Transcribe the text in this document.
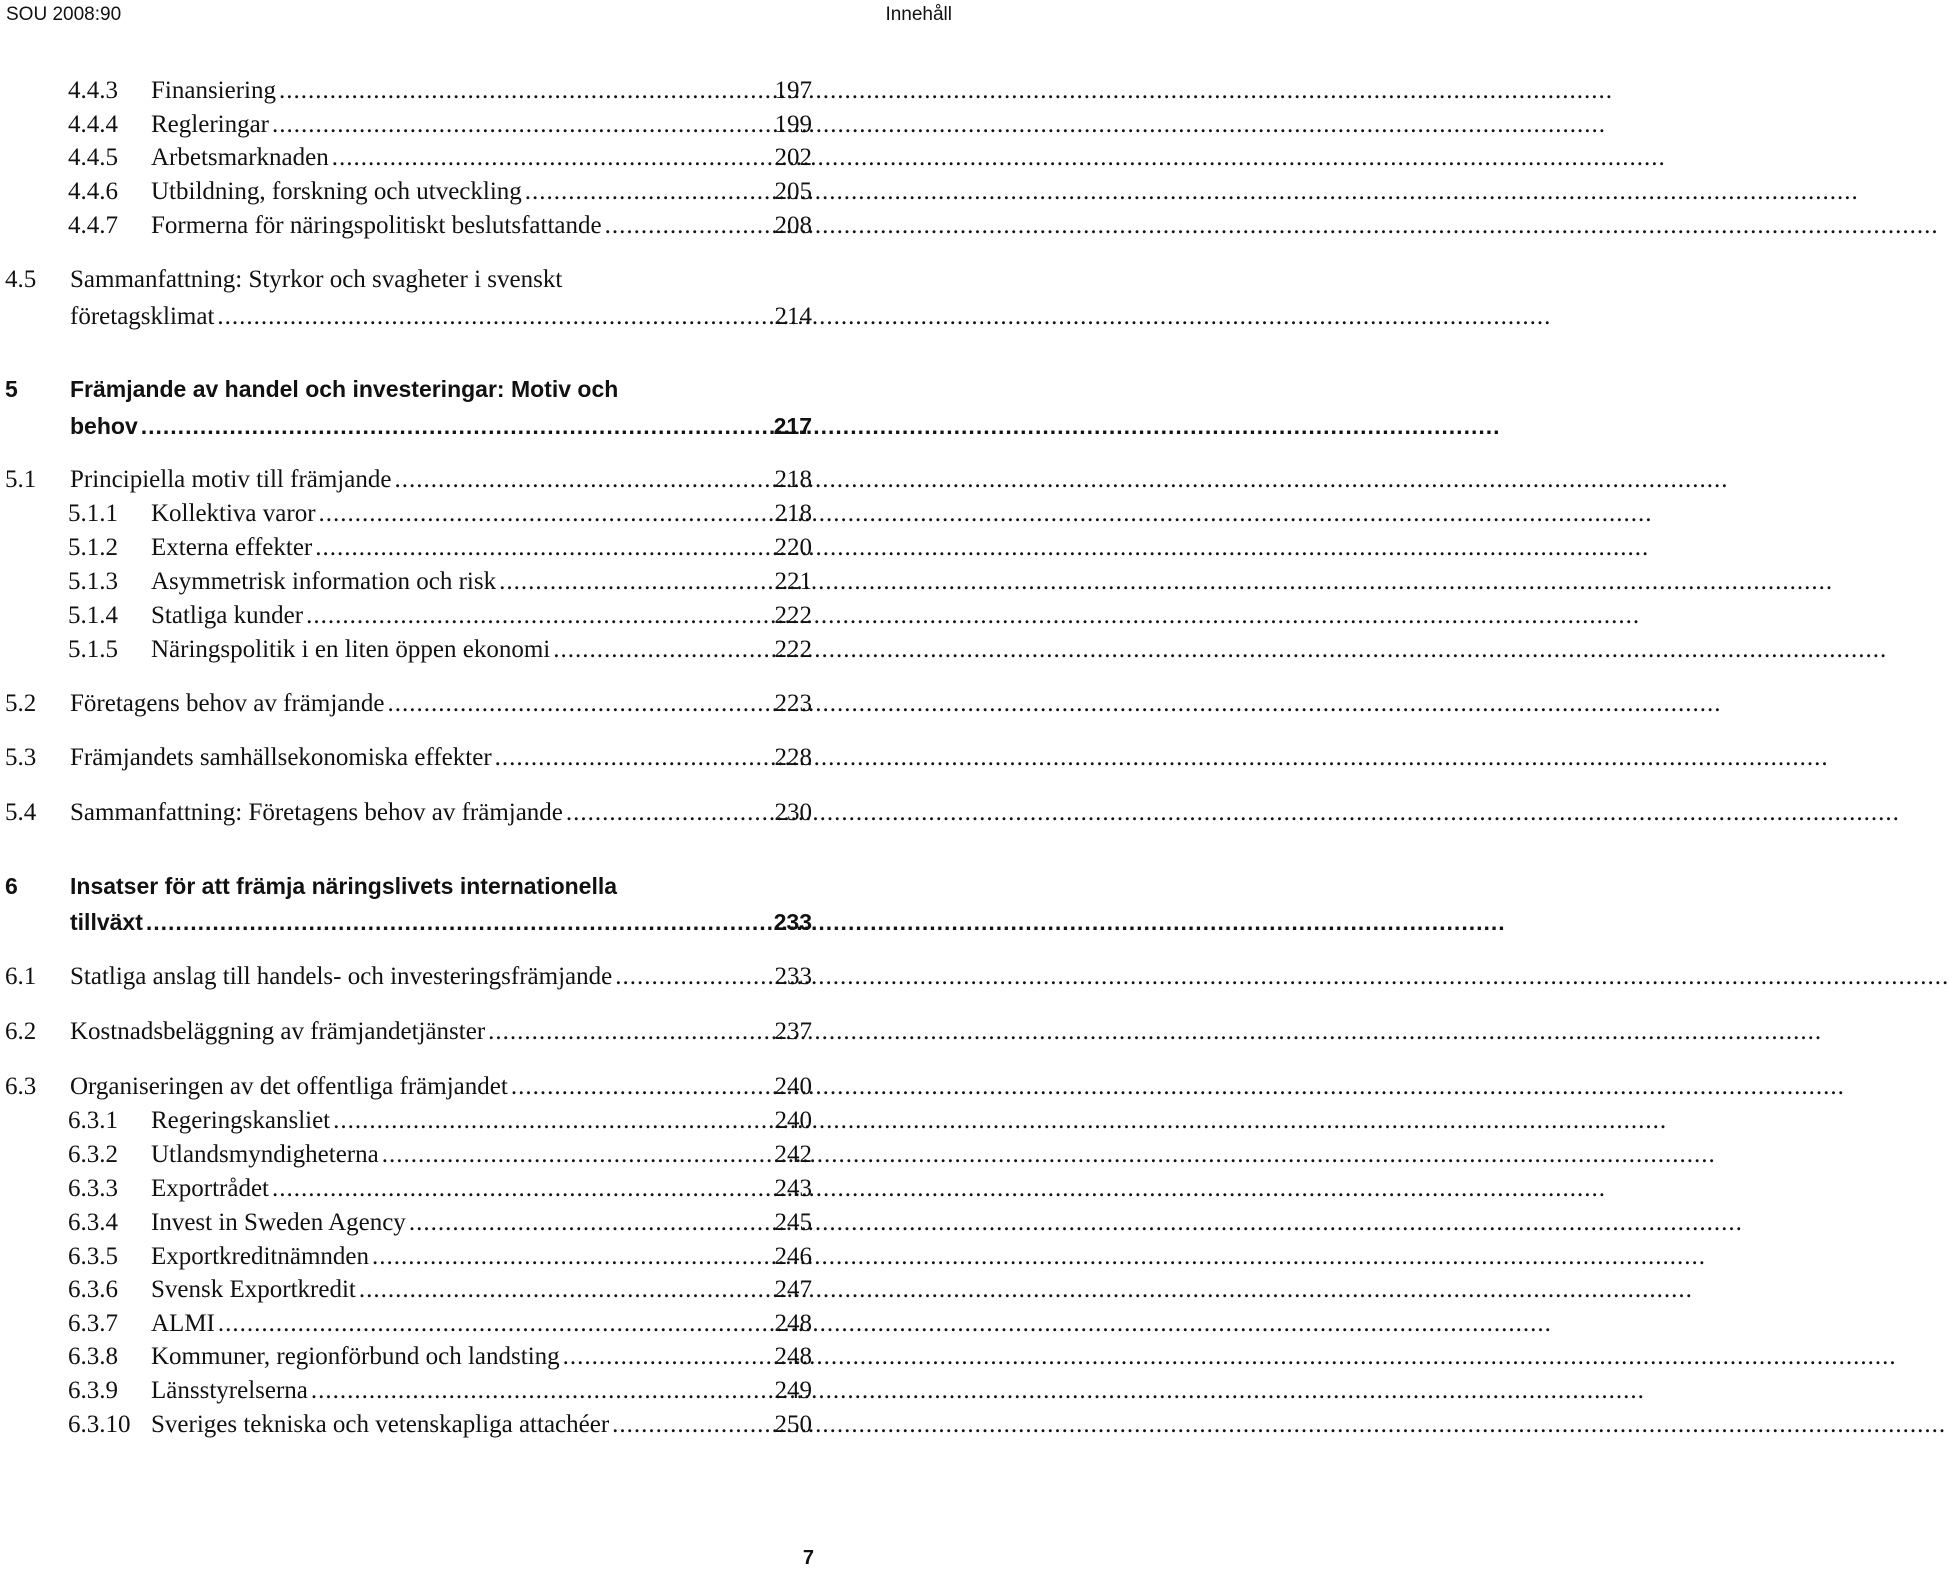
SOU 2008:90	Innehåll
4.4.3 Finansiering .....	197
4.4.4 Regleringar .....	199
4.4.5 Arbetsmarknaden .....	202
4.4.6 Utbildning, forskning och utveckling .....	205
4.4.7 Formerna för näringspolitiskt beslutsfattande .....	208
4.5 Sammanfattning: Styrkor och svagheter i svenskt
företagsklimat .....	214
5 Främjande av handel och investeringar: Motiv och
behov .....	217
5.1 Principiella motiv till främjande .....	218
5.1.1 Kollektiva varor .....	218
5.1.2 Externa effekter .....	220
5.1.3 Asymmetrisk information och risk .....	221
5.1.4 Statliga kunder .....	222
5.1.5 Näringspolitik i en liten öppen ekonomi .....	222
5.2 Företagens behov av främjande .....	223
5.3 Främjandets samhällsekonomiska effekter .....	228
5.4 Sammanfattning: Företagens behov av främjande .....	230
6 Insatser för att främja näringslivets internationella
tillväxt .....	233
6.1 Statliga anslag till handels- och investeringsfrämjande .....	233
6.2 Kostnadsbeläggning av främjandetjänster .....	237
6.3 Organiseringen av det offentliga främjandet .....	240
6.3.1 Regeringskansliet .....	240
6.3.2 Utlandsmyndigheterna .....	242
6.3.3 Exportrådet .....	243
6.3.4 Invest in Sweden Agency .....	245
6.3.5 Exportkreditnämnden .....	246
6.3.6 Svensk Exportkredit .....	247
6.3.7 ALMI .....	248
6.3.8 Kommuner, regionförbund och landsting .....	248
6.3.9 Länsstyrelserna .....	249
6.3.10 Sveriges tekniska och vetenskapliga attachéer .....	250
7
